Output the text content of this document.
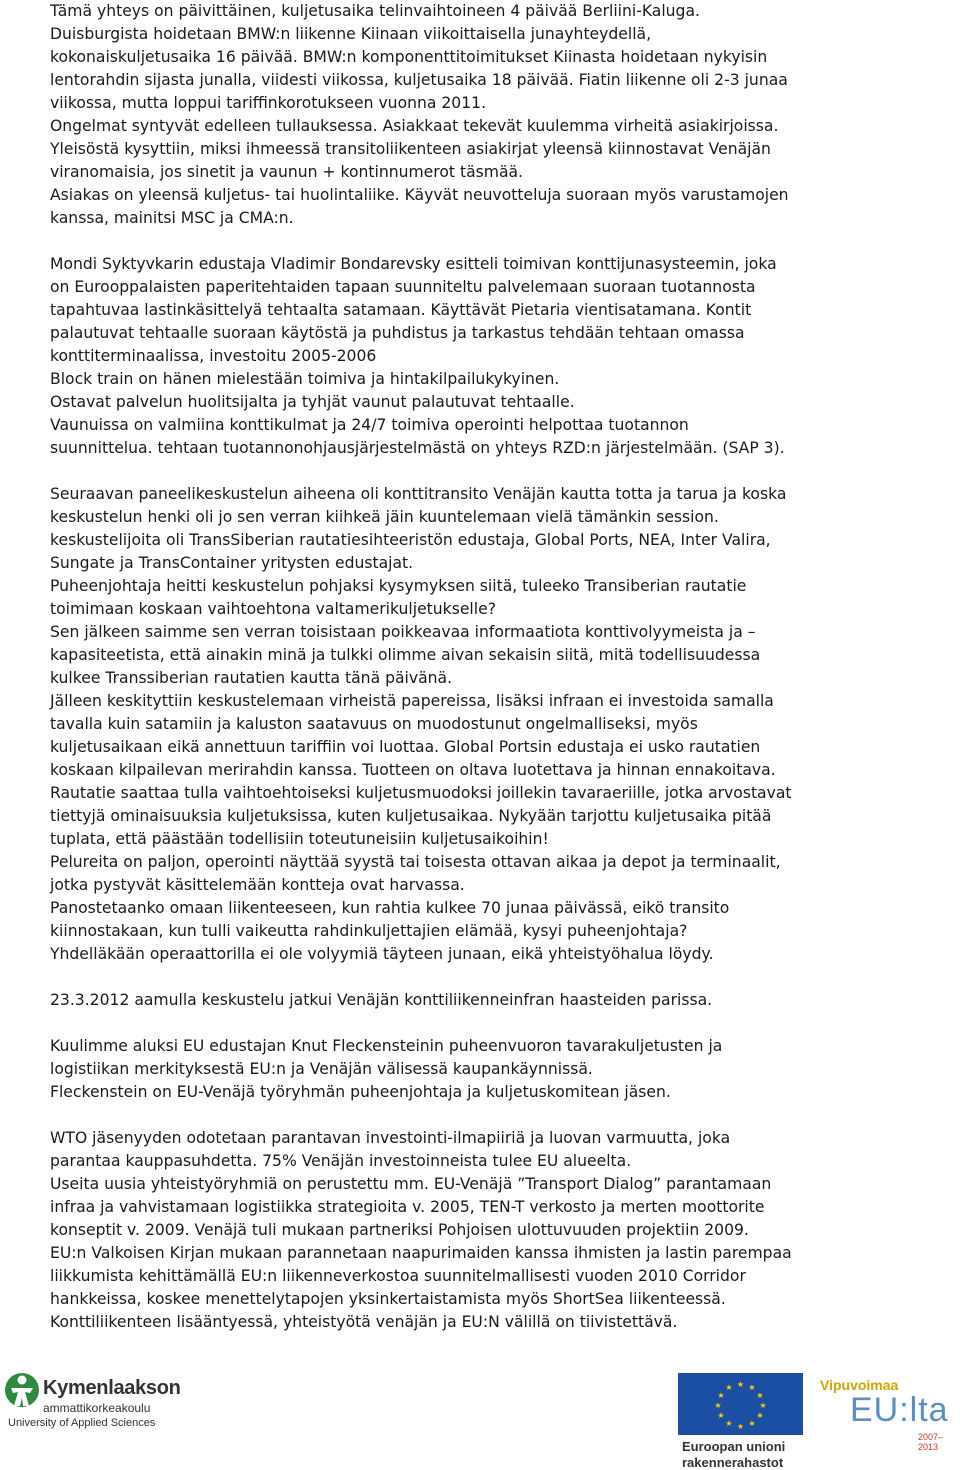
Tämä yhteys on päivittäinen, kuljetusaika telinvaihtoineen 4 päivää Berliini-Kaluga.

Duisburgista hoidetaan BMW:n liikenne Kiinaan viikoittaisella junayhteydellä,

kokonaiskuljetusaika 16 päivää. BMW:n komponenttitoimitukset Kiinasta hoidetaan nykyisin

lentorahdin sijasta junalla, viidesti viikossa, kuljetusaika 18 päivää. Fiatin liikenne oli 2-3 junaa

viikossa, mutta loppui tariffinkorotukseen vuonna 2011.

Ongelmat syntyvät edelleen tullauksessa. Asiakkaat tekevät kuulemma virheitä asiakirjoissa.

Yleisöstä kysyttiin, miksi ihmeessä transitoliikenteen asiakirjat yleensä kiinnostavat Venäjän

viranomaisia, jos sinetit ja vaunun + kontinnumerot täsmää.

Asiakas on yleensä kuljetus- tai huolintaliike. Käyvät neuvotteluja suoraan myös varustamojen

kanssa, mainitsi MSC ja CMA:n.

Mondi Syktyvkarin edustaja Vladimir Bondarevsky esitteli toimivan konttijunasysteemin, joka

on Eurooppalaisten paperitehtaiden tapaan suunniteltu palvelemaan suoraan tuotannosta

tapahtuvaa lastinkäsittelyä tehtaalta satamaan. Käyttävät Pietaria vientisatamana. Kontit

palautuvat tehtaalle suoraan käytöstä ja puhdistus ja tarkastus tehdään tehtaan omassa

konttiterminaalissa, investoitu 2005-2006

Block train on hänen mielestään toimiva ja hintakilpailukykyinen.

Ostavat palvelun huolitsijalta ja tyhjät vaunut palautuvat tehtaalle.

Vaunuissa on valmiina konttikulmat ja 24/7 toimiva operointi helpottaa tuotannon

suunnittelua. tehtaan tuotannonohjausjärjestelmästä on yhteys RZD:n järjestelmään. (SAP 3).

Seuraavan paneelikeskustelun aiheena oli konttitransito Venäjän kautta totta ja tarua ja koska

keskustelun henki oli jo sen verran kiihkeä jäin kuuntelemaan vielä tämänkin session.

keskustelijoita oli TransSiberian rautatiesihteeristön edustaja, Global Ports, NEA, Inter Valira,

Sungate ja TransContainer yritysten edustajat.

Puheenjohtaja heitti keskustelun pohjaksi kysymyksen siitä, tuleeko Transiberian rautatie

toimimaan koskaan vaihtoehtona valtamerikuljetukselle?

Sen jälkeen saimme sen verran toisistaan poikkeavaa informaatiota konttivolyymeista ja –

kapasiteetista, että ainakin minä ja tulkki olimme aivan sekaisin siitä, mitä todellisuudessa

kulkee Transsiberian rautatien kautta tänä päivänä.

Jälleen keskityttiin keskustelemaan virheistä papereissa, lisäksi infraan ei investoida samalla

tavalla kuin satamiin ja kaluston saatavuus on muodostunut ongelmalliseksi, myös

kuljetusaikaan eikä annettuun tariffiin voi luottaa. Global Portsin edustaja ei usko rautatien

koskaan kilpailevan merirahdin kanssa. Tuotteen on oltava luotettava ja hinnan ennakoitava.

Rautatie saattaa tulla vaihtoehtoiseksi kuljetusmuodoksi joillekin tavaraeriille, jotka arvostavat

tiettyjä ominaisuuksia kuljetuksissa, kuten kuljetusaikaa. Nykyään tarjottu kuljetusaika pitää

tuplata, että päästään todellisiin toteutuneisiin kuljetusaikoihin!

Pelureita on paljon, operointi näyttää syystä tai toisesta ottavan aikaa ja depot ja terminaalit,

jotka pystyvät käsittelemään kontteja ovat harvassa.

Panostetaanko omaan liikenteeseen, kun rahtia kulkee 70 junaa päivässä, eikö transito

kiinnostakaan, kun tulli vaikeutta rahdinkuljettajien elämää, kysyi puheenjohtaja?

Yhdelläkään operaattorilla ei ole volyymiä täyteen junaan, eikä yhteistyöhalua löydy.

23.3.2012 aamulla keskustelu jatkui Venäjän konttiliikenneinfran haasteiden parissa.

Kuulimme aluksi EU edustajan Knut Fleckensteinin puheenvuoron tavarakuljetusten ja

logistiikan merkityksestä EU:n ja Venäjän välisessä kaupankäynnissä.

Fleckenstein on EU-Venäjä työryhmän puheenjohtaja ja kuljetuskomitean jäsen.

WTO jäsenyyden odotetaan parantavan investointi-ilmapiiriä ja luovan varmuutta, joka

parantaa kauppasuhdetta. 75% Venäjän investoinneista tulee EU alueelta.

Useita uusia yhteistyöryhmiä on perustettu mm. EU-Venäjä ”Transport Dialog” parantamaan

infraa ja vahvistamaan logistiikka strategioita v. 2005, TEN-T verkosto ja merten moottorite

konseptit v. 2009. Venäjä tuli mukaan partneriksi Pohjoisen ulottuvuuden projektiin 2009.

EU:n Valkoisen Kirjan mukaan parannetaan naapurimaiden kanssa ihmisten ja lastin parempaa

liikkumista kehittämällä EU:n liikenneverkostoa suunnitelmallisesti vuoden 2010 Corridor

hankkeissa, koskee menettelytapojen yksinkertaistamista myös ShortSea liikenteessä.

Konttiliikenteen lisääntyessä, yhteistyötä venäjän ja EU:N välillä on tiivistettävä.

Kymenlaakson
ammattikorkeakoulu
University of Applied Sciences
★ ★
★
★
★
★
★
★
★
★
★
★
Euroopan unioni
rakennerahastot
Vipuvoimaa
EU:lta
2007–2013
